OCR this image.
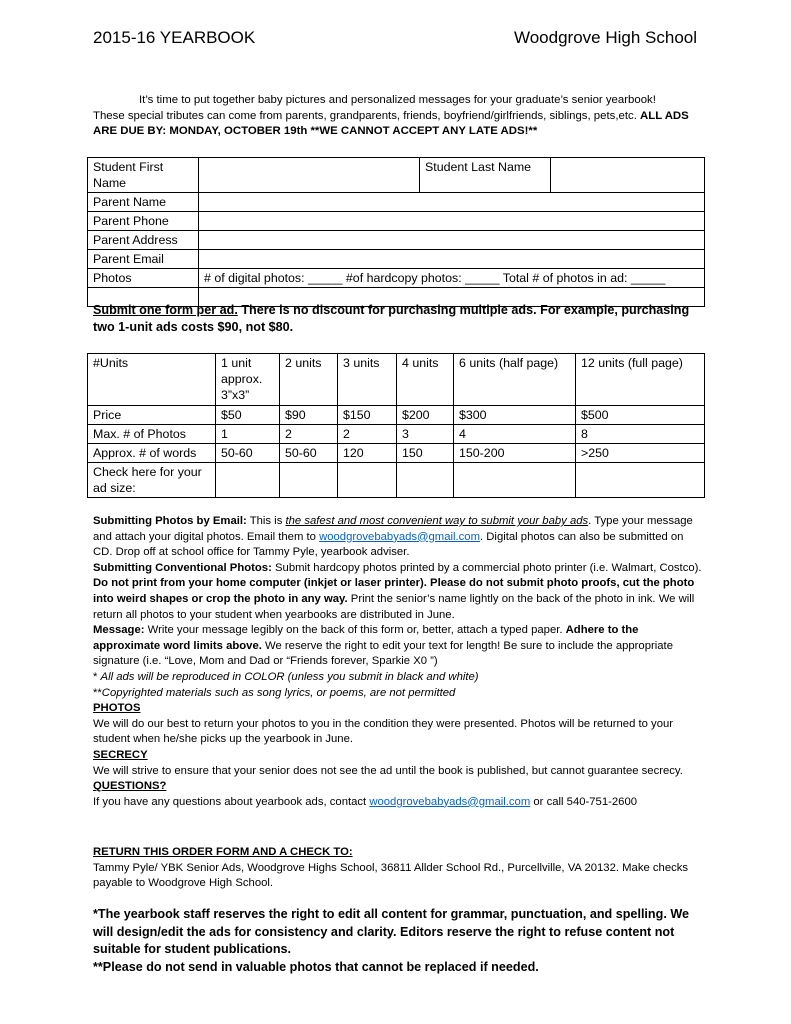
2015-16 YEARBOOK	Woodgrove High School
It’s time to put together baby pictures and personalized messages for your graduate’s senior yearbook!
These special tributes can come from parents, grandparents, friends, boyfriend/girlfriends, siblings, pets,etc. ALL ADS ARE DUE BY: MONDAY, OCTOBER 19th **WE CANNOT ACCEPT ANY LATE ADS!**
Student First Name		Student Last Name	
Parent Name			
Parent Phone			
Parent Address			
Parent Email			
Photos	# of digital photos: _____ #of hardcopy photos: _____ Total # of photos in ad: _____		

Submit one form per ad. There is no discount for purchasing multiple ads. For example, purchasing two 1-unit ads costs $90, not $80.
#Units	1 unit approx. 3”x3”	2 units	3 units	4 units	6 units (half page)	12 units (full page)
Price	$50	$90	$150	$200	$300	$500
Max. # of Photos	1	2	2	3	4	8
Approx. # of words	50-60	50-60	120	150	150-200	>250
Check here for your ad size:						

Submitting Photos by Email: This is the safest and most convenient way to submit your baby ads. Type your message and attach your digital photos. Email them to woodgrovebabyads@gmail.com. Digital photos can also be submitted on CD. Drop off at school office for Tammy Pyle, yearbook adviser.

Submitting Conventional Photos: Submit hardcopy photos printed by a commercial photo printer (i.e. Walmart, Costco). Do not print from your home computer (inkjet or laser printer). Please do not submit photo proofs, cut the photo into weird shapes or crop the photo in any way. Print the senior’s name lightly on the back of the photo in ink. We will return all photos to your student when yearbooks are distributed in June.

Message: Write your message legibly on the back of this form or, better, attach a typed paper. Adhere to the approximate word limits above. We reserve the right to edit your text for length! Be sure to include the appropriate signature (i.e. “Love, Mom and Dad or “Friends forever, Sparkie X0 ”)

* All ads will be reproduced in COLOR (unless you submit in black and white)

**Copyrighted materials such as song lyrics, or poems, are not permitted

PHOTOS

We will do our best to return your photos to you in the condition they were presented. Photos will be returned to your student when he/she picks up the yearbook in June.

SECRECY

We will strive to ensure that your senior does not see the ad until the book is published, but cannot guarantee secrecy.

QUESTIONS?

If you have any questions about yearbook ads, contact woodgrovebabyads@gmail.com or call 540-751-2600

RETURN THIS ORDER FORM AND A CHECK TO:

Tammy Pyle/ YBK Senior Ads, Woodgrove Highs School, 36811 Allder School Rd., Purcellville, VA 20132. Make checks payable to Woodgrove High School.

*The yearbook staff reserves the right to edit all content for grammar, punctuation, and spelling. We will design/edit the ads for consistency and clarity. Editors reserve the right to refuse content not suitable for student publications.

**Please do not send in valuable photos that cannot be replaced if needed.
